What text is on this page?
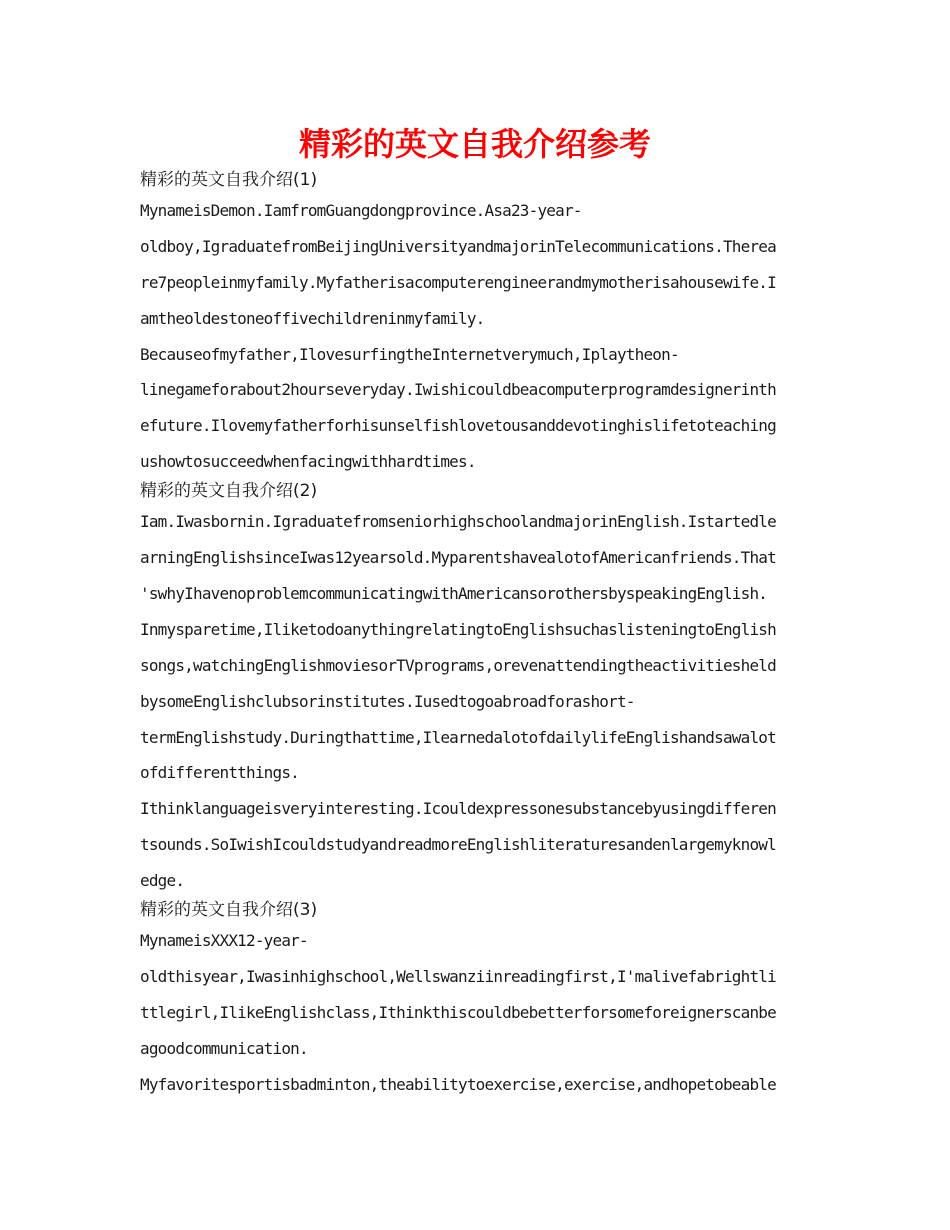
精彩的英文自我介绍参考
精彩的英文自我介绍(1)
MynameisDemon.IamfromGuangdongprovince.Asa23-year-
oldboy,IgraduatefromBeijingUniversityandmajorinTelecommunications.Therea
re7peopleinmyfamily.Myfatherisacomputerengineerandmymotherisahousewife.I
amtheoldestoneoffivechildreninmyfamily.
Becauseofmyfather,IlovesurfingtheInternetverymuch,Iplaytheon-
linegameforabout2hourseveryday.Iwishicouldbeacomputerprogramdesignerinth
efuture.Ilovemyfatherforhisunselfishlovetousanddevotinghislifetoteaching
ushowtosucceedwhenfacingwithhardtimes.
精彩的英文自我介绍(2)
Iam.Iwasbornin.IgraduatefromseniorhighschoolandmajorinEnglish.Istartedle
arningEnglishsinceIwas12yearsold.MyparentshavealotofAmericanfriends.That
'swhyIhavenoproblemcommunicatingwithAmericansorothersbyspeakingEnglish.
Inmysparetime,IliketodoanythingrelatingtoEnglishsuchaslisteningtoEnglish
songs,watchingEnglishmoviesorTVprograms,orevenattendingtheactivitiesheld
bysomeEnglishclubsorinstitutes.Iusedtogoabroadforashort-
termEnglishstudy.Duringthattime,IlearnedalotofdailylifeEnglishandsawalot
ofdifferentthings.
Ithinklanguageisveryinteresting.Icouldexpressonesubstancebyusingdifferen
tsounds.SoIwishIcouldstudyandreadmoreEnglishliteraturesandenlargemyknowl
edge.
精彩的英文自我介绍(3)
MynameisXXX12-year-
oldthisyear,Iwasinhighschool,Wellswanziinreadingfirst,I'malivefabrightli
ttlegirl,IlikeEnglishclass,Ithinkthiscouldbebetterforsomeforeignerscanbe
agoodcommunication.
Myfavoritesportisbadminton,theabilitytoexercise,exercise,andhopetobeable
